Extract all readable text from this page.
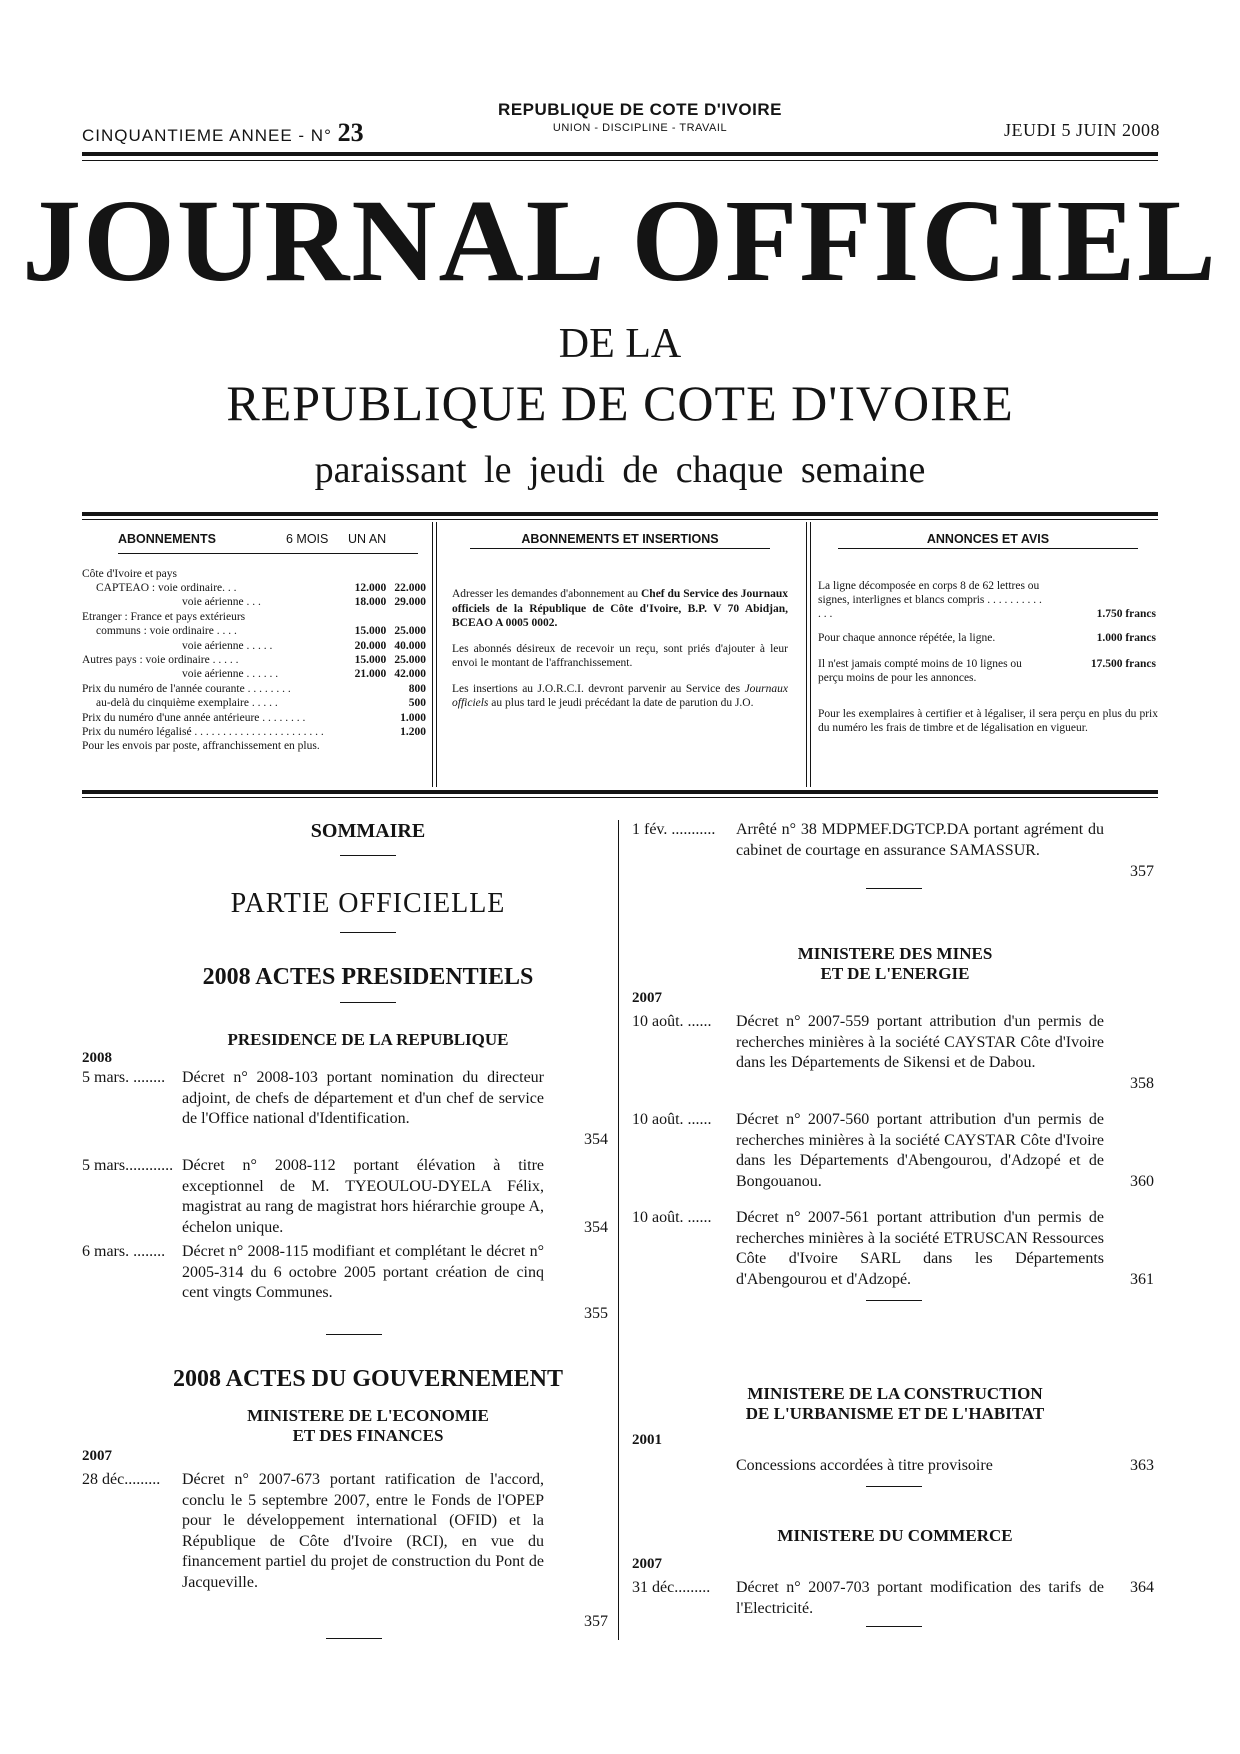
CINQUANTIEME ANNEE - N° 23
REPUBLIQUE DE COTE D'IVOIRE
UNION - DISCIPLINE - TRAVAIL	JEUDI 5 JUIN 2008
JOURNAL OFFICIEL
DE LA
REPUBLIQUE DE COTE D'IVOIRE
paraissant le jeudi de chaque semaine
ABONNEMENTS	6 MOIS UN AN
Côte d'Ivoire et pays
CAPTEAO : voie ordinaire. . .	12.000	22.000
voie aérienne . . .	18.000	29.000
Etranger : France et pays extérieurs		
communs : voie ordinaire . . . .	15.000	25.000
voie aérienne . . . . .	20.000	40.000
Autres pays : voie ordinaire . . . . .	15.000	25.000
voie aérienne . . . . . .	21.000	42.000
Prix du numéro de l'année courante . . . . . . . .		800
au-delà du cinquième exemplaire . . . . .		500
Prix du numéro d'une année antérieure . . . . . . . .		1.000
Prix du numéro légalisé . . . . . . . . . . . . . . . . . . . . . . .		1.200
Pour les envois par poste, affranchissement en plus.		
ABONNEMENTS ET INSERTIONS

Adresser les demandes d'abonnement au Chef du Service des Journaux officiels de la République de Côte d'Ivoire, B.P. V 70 Abidjan, BCEAO A 0005 0002.

Les abonnés désireux de recevoir un reçu, sont priés d'ajouter à leur envoi le montant de l'affranchissement.

Les insertions au J.O.R.C.I. devront parvenir au Service des Journaux officiels au plus tard le jeudi précédant la date de parution du J.O.

ANNONCES ET AVIS
La ligne décomposée en corps 8 de 62 lettres ou signes, interlignes et blancs compris . . . . . . . . . . . . .	1.750 francs
Pour chaque annonce répétée, la ligne.	1.000 francs
Il n'est jamais compté moins de 10 lignes ou perçu moins de pour les annonces.
17.500 francs
Pour les exemplaires à certifier et à légaliser, il sera perçu en plus du prix du numéro les frais de timbre et de légalisation en vigueur.
SOMMAIRE
PARTIE OFFICIELLE
2008 ACTES PRESIDENTIELS
PRESIDENCE DE LA REPUBLIQUE
2008
5 mars. ........ Décret n° 2008-103 portant nomination du directeur adjoint, de chefs de département et d'un chef de service de l'Office national d'Identification.
354
5 mars............ Décret n° 2008-112 portant élévation à titre exceptionnel de M. TYEOULOU-DYELA Félix, magistrat au rang de magistrat hors hiérarchie groupe A, échelon unique.	354
6 mars. ........ Décret n° 2008-115 modifiant et complétant le décret n° 2005-314 du 6 octobre 2005 portant création de cinq cent vingts Communes.
355
2008 ACTES DU GOUVERNEMENT
MINISTERE DE L'ECONOMIE
ET DES FINANCES
2007
28 déc......... Décret n° 2007-673 portant ratification de l'accord, conclu le 5 septembre 2007, entre le Fonds de l'OPEP pour le développement international (OFID) et la République de Côte d'Ivoire (RCI), en vue du financement partiel du projet de construction du Pont de Jacqueville.
357
1 fév. ........... Arrêté n° 38 MDPMEF.DGTCP.DA portant agrément du cabinet de courtage en assurance SAMASSUR.
357
MINISTERE DES MINES
ET DE L'ENERGIE
2007
10 août. ...... Décret n° 2007-559 portant attribution d'un permis de recherches minières à la société CAYSTAR Côte d'Ivoire dans les Départements de Sikensi et de Dabou.
358
10 août. ...... Décret n° 2007-560 portant attribution d'un permis de recherches minières à la société CAYSTAR Côte d'Ivoire dans les Départements d'Abengourou, d'Adzopé et de Bongouanou.	360
10 août. ...... Décret n° 2007-561 portant attribution d'un permis de recherches minières à la société ETRUSCAN Ressources Côte d'Ivoire SARL dans les Départements d'Abengourou et d'Adzopé.	361
MINISTERE DE LA CONSTRUCTION
DE L'URBANISME ET DE L'HABITAT
2001
Concessions accordées à titre provisoire	363
MINISTERE DU COMMERCE
2007
31 déc......... Décret n° 2007-703 portant modification des tarifs de l'Electricité.
364
